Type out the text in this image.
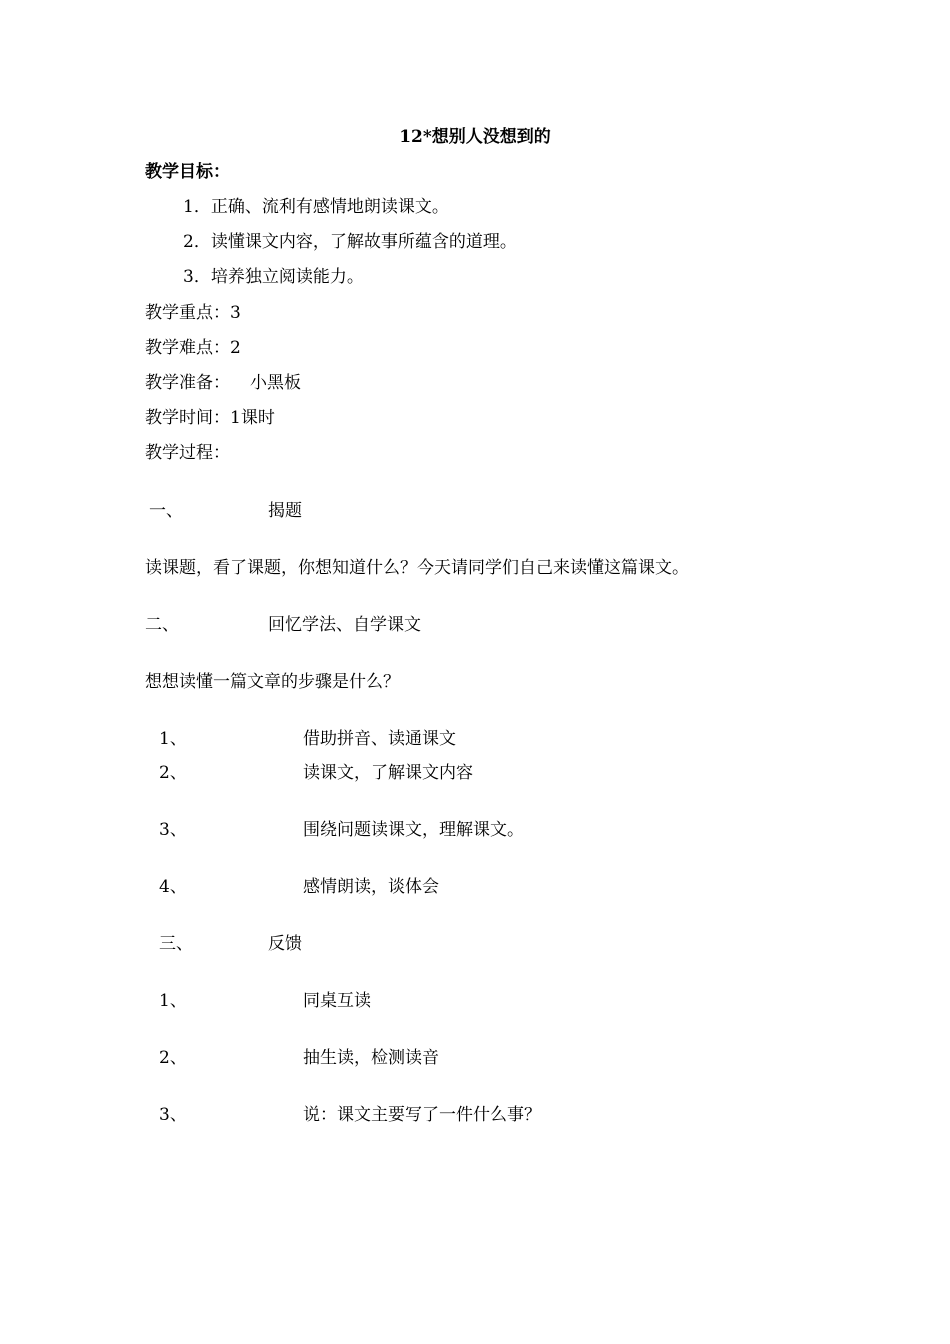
12*想别人没想到的
教学目标：
1．正确、流利有感情地朗读课文。
2．读懂课文内容，了解故事所蕴含的道理。
3．培养独立阅读能力。
教学重点：3
教学难点：2
教学准备： 小黑板
教学时间：1课时
教学过程：
一、	揭题
读课题，看了课题，你想知道什么？今天请同学们自己来读懂这篇课文。
二、	回忆学法、自学课文
想想读懂一篇文章的步骤是什么？
1、	借助拼音、读通课文
2、	读课文，了解课文内容
3、	围绕问题读课文，理解课文。
4、	感情朗读，谈体会
三、	反馈
1、	同桌互读
2、	抽生读，检测读音
3、	说：课文主要写了一件什么事？
